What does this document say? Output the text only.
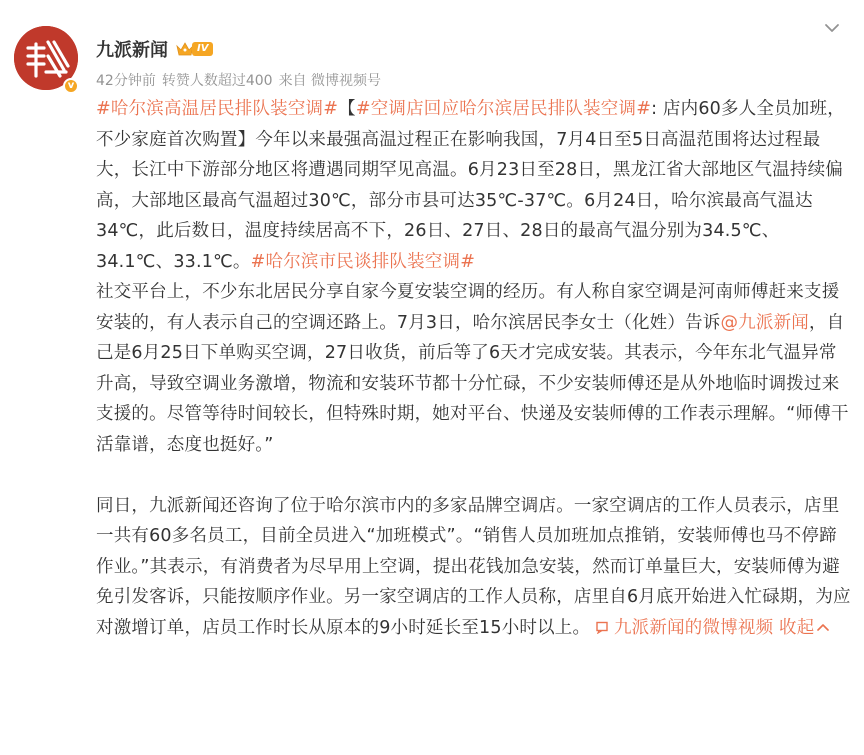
v
九派新闻	IV
42分钟前 转赞人数超过400 来自 微博视频号

#哈尔滨高温居民排队装空调#【#空调店回应哈尔滨居民排队装空调#: 店内60多人全员加班，不少家庭首次购置】今年以来最强高温过程正在影响我国，7月4日至5日高温范围将达过程最大，长江中下游部分地区将遭遇同期罕见高温。6月23日至28日，黑龙江省大部地区气温持续偏高，大部地区最高气温超过30℃，部分市县可达35℃-37℃。6月24日，哈尔滨最高气温达34℃，此后数日，温度持续居高不下，26日、27日、28日的最高气温分别为34.5℃、34.1℃、33.1℃。#哈尔滨市民谈排队装空调#

社交平台上，不少东北居民分享自家今夏安装空调的经历。有人称自家空调是河南师傅赶来支援安装的，有人表示自己的空调还路上。7月3日，哈尔滨居民李女士（化姓）告诉@九派新闻，自己是6月25日下单购买空调，27日收货，前后等了6天才完成安装。其表示，今年东北气温异常升高，导致空调业务激增，物流和安装环节都十分忙碌，不少安装师傅还是从外地临时调拨过来支援的。尽管等待时间较长，但特殊时期，她对平台、快递及安装师傅的工作表示理解。“师傅干活靠谱，态度也挺好。”

同日，九派新闻还咨询了位于哈尔滨市内的多家品牌空调店。一家空调店的工作人员表示，店里一共有60多名员工，目前全员进入“加班模式”。“销售人员加班加点推销，安装师傅也马不停蹄作业。”其表示，有消费者为尽早用上空调，提出花钱加急安装，然而订单量巨大，安装师傅为避免引发客诉，只能按顺序作业。另一家空调店的工作人员称，店里自6月底开始进入忙碌期，为应对激增订单，店员工作时长从原本的9小时延长至15小时以上。 九派新闻的微博视频 收起
